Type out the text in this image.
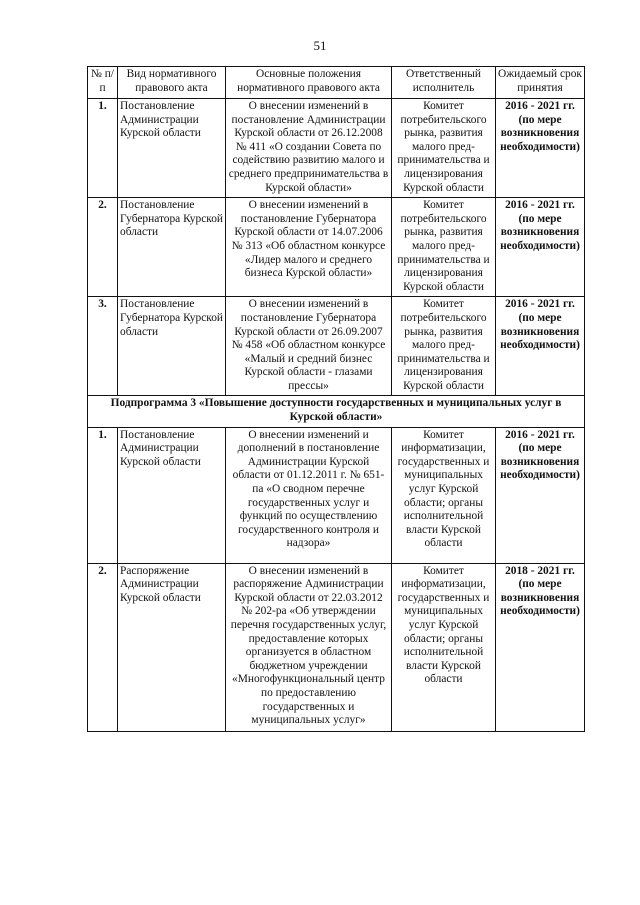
51
№ п/п	Вид нормативного правового акта	Основные положения нормативного правового акта	Ответственный исполнитель	Ожидаемый срок принятия
1.	Постановление Администрации Курской области	О внесении изменений в постановление Администрации Курской области от 26.12.2008 № 411 «О создании Совета по содействию развитию малого и среднего предпринимательства в Курской области»	Комитет потребительского рынка, развития малого пред-принимательства и лицензирования Курской области	2016 - 2021 гг. (по мере возникновения необходимости)
2.	Постановление Губернатора Курской области	О внесении изменений в постановление Губернатора Курской области от 14.07.2006 № 313 «Об областном конкурсе «Лидер малого и среднего бизнеса Курской области»	Комитет потребительского рынка, развития малого пред-принимательства и лицензирования Курской области	2016 - 2021 гг. (по мере возникновения необходимости)
3.	Постановление Губернатора Курской области	О внесении изменений в постановление Губернатора Курской области от 26.09.2007 № 458 «Об областном конкурсе «Малый и средний бизнес Курской области - глазами прессы»	Комитет потребительского рынка, развития малого пред-принимательства и лицензирования Курской области	2016 - 2021 гг. (по мере возникновения необходимости)
Подпрограмма 3 «Повышение доступности государственных и муниципальных услуг в Курской области»				
1.	Постановление Администрации Курской области	О внесении изменений и дополнений в постановление Администрации Курской области от 01.12.2011 г. № 651-па «О сводном перечне государственных услуг и функций по осуществлению государственного контроля и надзора»	Комитет информатизации, государственных и муниципальных услуг Курской области; органы исполнительной власти Курской области	2016 - 2021 гг. (по мере возникновения необходимости)
2.	Распоряжение Администрации Курской области	О внесении изменений в распоряжение Администрации Курской области от 22.03.2012 № 202-ра «Об утверждении перечня государственных услуг, предоставление которых организуется в областном бюджетном учреждении «Многофункциональный центр по предоставлению государственных и муниципальных услуг»	Комитет информатизации, государственных и муниципальных услуг Курской области; органы исполнительной власти Курской области	2018 - 2021 гг. (по мере возникновения необходимости)
